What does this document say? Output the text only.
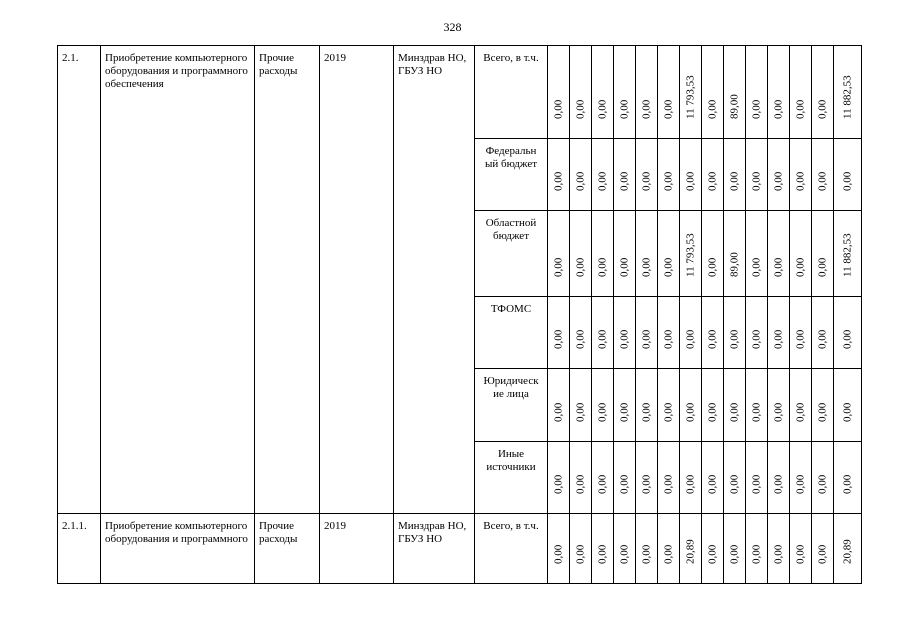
328
2.1.	Приобретение компьютерного оборудования и программного обеспечения	Прочие расходы	2019	Минздрав НО, ГБУЗ НО	Всего, в т.ч.	0,00	0,00	0,00	0,00	0,00	0,00	11 793,53	0,00	89,00	0,00	0,00	0,00	0,00	11 882,53

					Федеральн ый бюджет	0,00	0,00	0,00	0,00	0,00	0,00	0,00	0,00	0,00	0,00	0,00	0,00	0,00	0,00

					Областной бюджет	0,00	0,00	0,00	0,00	0,00	0,00	11 793,53	0,00	89,00	0,00	0,00	0,00	0,00	11 882,53

					ТФОМС	0,00	0,00	0,00	0,00	0,00	0,00	0,00	0,00	0,00	0,00	0,00	0,00	0,00	0,00

					Юридическ ие лица	0,00	0,00	0,00	0,00	0,00	0,00	0,00	0,00	0,00	0,00	0,00	0,00	0,00	0,00

					Иные источники	0,00	0,00	0,00	0,00	0,00	0,00	0,00	0,00	0,00	0,00	0,00	0,00	0,00	0,00

2.1.1.	Приобретение компьютерного оборудования и программного	Прочие расходы	2019	Минздрав НО, ГБУЗ НО	Всего, в т.ч.	0,00	0,00	0,00	0,00	0,00	0,00	20,89	0,00	0,00	0,00	0,00	0,00	0,00	20,89
